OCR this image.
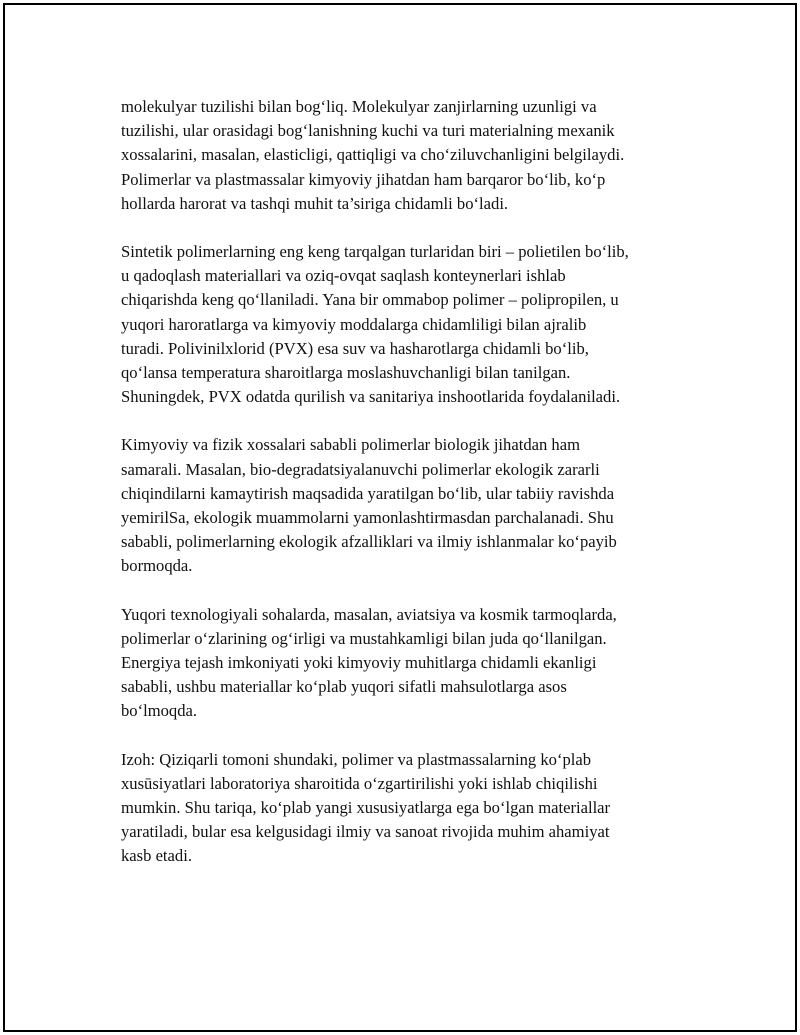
molekulyar tuzilishi bilan bog‘liq. Molekulyar zanjirlarning uzunligi va
tuzilishi, ular orasidagi bog‘lanishning kuchi va turi materialning mexanik
xossalarini, masalan, elasticligi, qattiqligi va cho‘ziluvchanligini belgilaydi.
Polimerlar va plastmassalar kimyoviy jihatdan ham barqaror bo‘lib, ko‘p
hollarda harorat va tashqi muhit ta’siriga chidamli bo‘ladi.

Sintetik polimerlarning eng keng tarqalgan turlaridan biri – polietilen bo‘lib,
u qadoqlash materiallari va oziq-ovqat saqlash konteynerlari ishlab
chiqarishda keng qo‘llaniladi. Yana bir ommabop polimer – polipropilen, u
yuqori haroratlarga va kimyoviy moddalarga chidamliligi bilan ajralib
turadi. Polivinilxlorid (PVX) esa suv va hasharotlarga chidamli bo‘lib,
qo‘lansa temperatura sharoitlarga moslashuvchanligi bilan tanilgan.
Shuningdek, PVX odatda qurilish va sanitariya inshootlarida foydalaniladi.

Kimyoviy va fizik xossalari sababli polimerlar biologik jihatdan ham
samarali. Masalan, bio-degradatsiyalanuvchi polimerlar ekologik zararli
chiqindilarni kamaytirish maqsadida yaratilgan bo‘lib, ular tabiiy ravishda
yemirilSa, ekologik muammolarni yamonlashtirmasdan parchalanadi. Shu
sababli, polimerlarning ekologik afzalliklari va ilmiy ishlanmalar ko‘payib
bormoqda.

Yuqori texnologiyali sohalarda, masalan, aviatsiya va kosmik tarmoqlarda,
polimerlar o‘zlarining og‘irligi va mustahkamligi bilan juda qo‘llanilgan.
Energiya tejash imkoniyati yoki kimyoviy muhitlarga chidamli ekanligi
sababli, ushbu materiallar ko‘plab yuqori sifatli mahsulotlarga asos
bo‘lmoqda.

Izoh: Qiziqarli tomoni shundaki, polimer va plastmassalarning ko‘plab
xusūsiyatlari laboratoriya sharoitida o‘zgartirilishi yoki ishlab chiqilishi
mumkin. Shu tariqa, ko‘plab yangi xususiyatlarga ega bo‘lgan materiallar
yaratiladi, bular esa kelgusidagi ilmiy va sanoat rivojida muhim ahamiyat
kasb etadi.
